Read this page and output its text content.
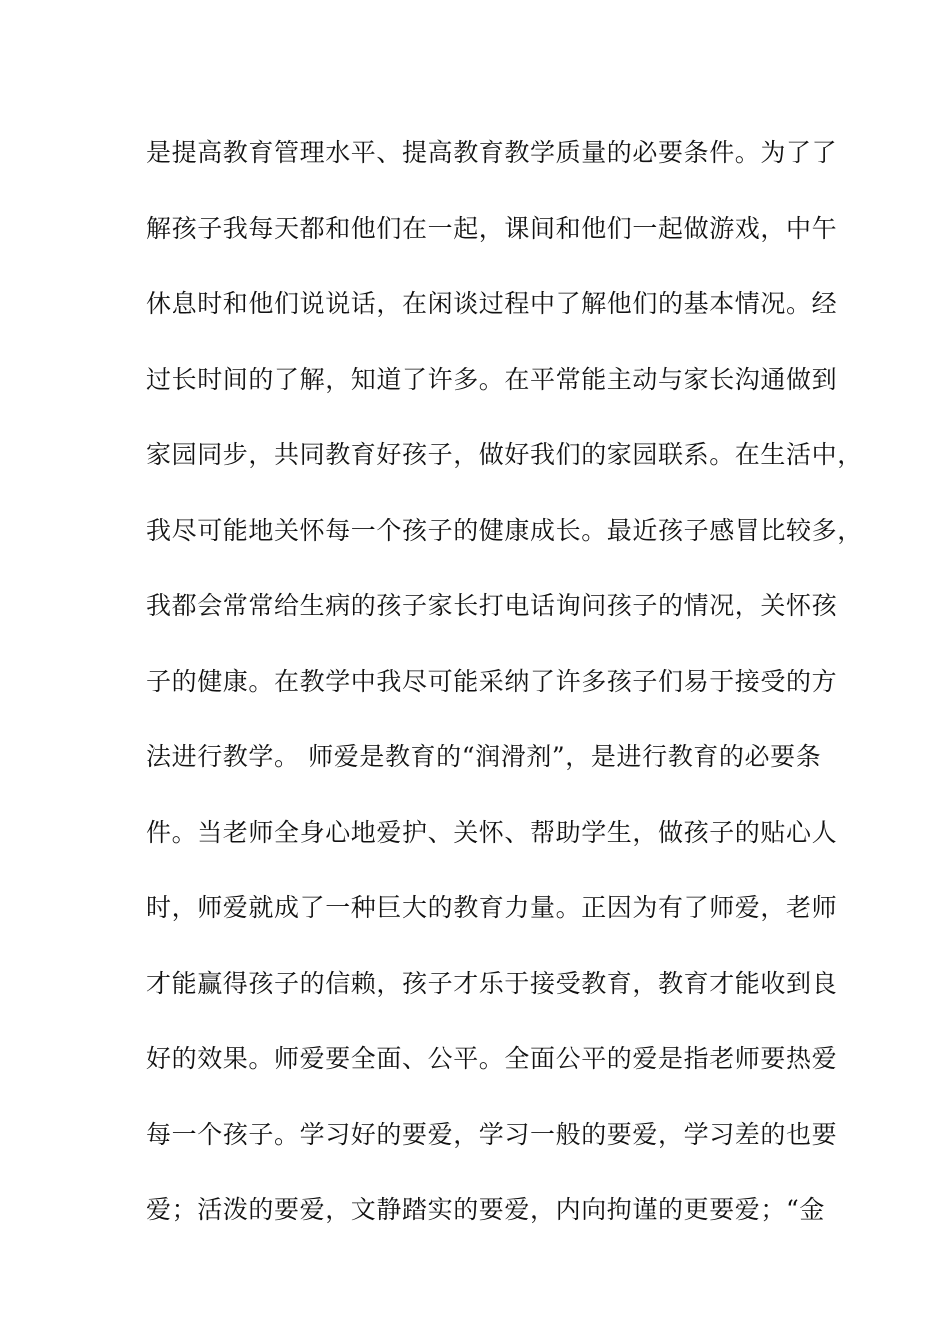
是提高教育管理水平、提高教育教学质量的必要条件。为了了
解孩子我每天都和他们在一起，课间和他们一起做游戏，中午
休息时和他们说说话，在闲谈过程中了解他们的基本情况。经
过长时间的了解，知道了许多。在平常能主动与家长沟通做到
家园同步，共同教育好孩子，做好我们的家园联系。在生活中，
我尽可能地关怀每一个孩子的健康成长。最近孩子感冒比较多，
我都会常常给生病的孩子家长打电话询问孩子的情况，关怀孩
子的健康。在教学中我尽可能采纳了许多孩子们易于接受的方
法进行教学。 师爱是教育的“润滑剂”，是进行教育的必要条
件。当老师全身心地爱护、关怀、帮助学生，做孩子的贴心人
时，师爱就成了一种巨大的教育力量。正因为有了师爱，老师
才能赢得孩子的信赖，孩子才乐于接受教育，教育才能收到良
好的效果。师爱要全面、公平。全面公平的爱是指老师要热爱
每一个孩子。学习好的要爱，学习一般的要爱，学习差的也要
爱；活泼的要爱，文静踏实的要爱，内向拘谨的更要爱；“金
